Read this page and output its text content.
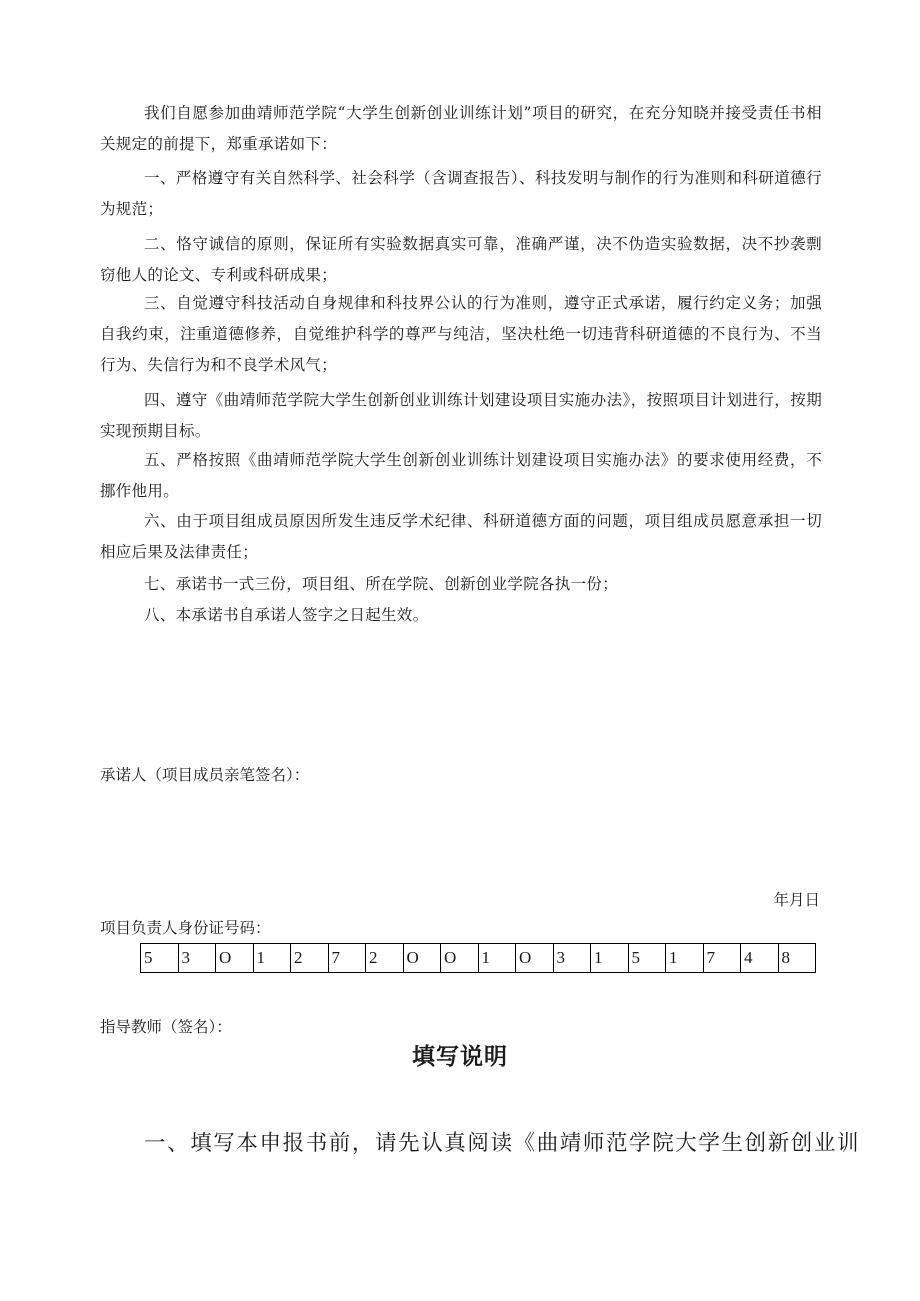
我们自愿参加曲靖师范学院“大学生创新创业训练计划”项目的研究，在充分知晓并接受责任书相关规定的前提下，郑重承诺如下：

一、严格遵守有关自然科学、社会科学（含调查报告）、科技发明与制作的行为准则和科研道德行为规范；

二、恪守诚信的原则，保证所有实验数据真实可靠，准确严谨，决不伪造实验数据，决不抄袭剽窃他人的论文、专利或科研成果；

三、自觉遵守科技活动自身规律和科技界公认的行为准则，遵守正式承诺，履行约定义务；加强自我约束，注重道德修养，自觉维护科学的尊严与纯洁，坚决杜绝一切违背科研道德的不良行为、不当行为、失信行为和不良学术风气；

四、遵守《曲靖师范学院大学生创新创业训练计划建设项目实施办法》，按照项目计划进行，按期实现预期目标。

五、严格按照《曲靖师范学院大学生创新创业训练计划建设项目实施办法》的要求使用经费，不挪作他用。

六、由于项目组成员原因所发生违反学术纪律、科研道德方面的问题，项目组成员愿意承担一切相应后果及法律责任；

七、承诺书一式三份，项目组、所在学院、创新创业学院各执一份；

八、本承诺书自承诺人签字之日起生效。

承诺人（项目成员亲笔签名）：

年月日

项目负责人身份证号码：

5	3	O	1	2	7	2	O	O	1	O	3	1	5	1	7	4	8

指导教师（签名）：

填写说明

一、填写本申报书前，请先认真阅读《曲靖师范学院大学生创新创业训
